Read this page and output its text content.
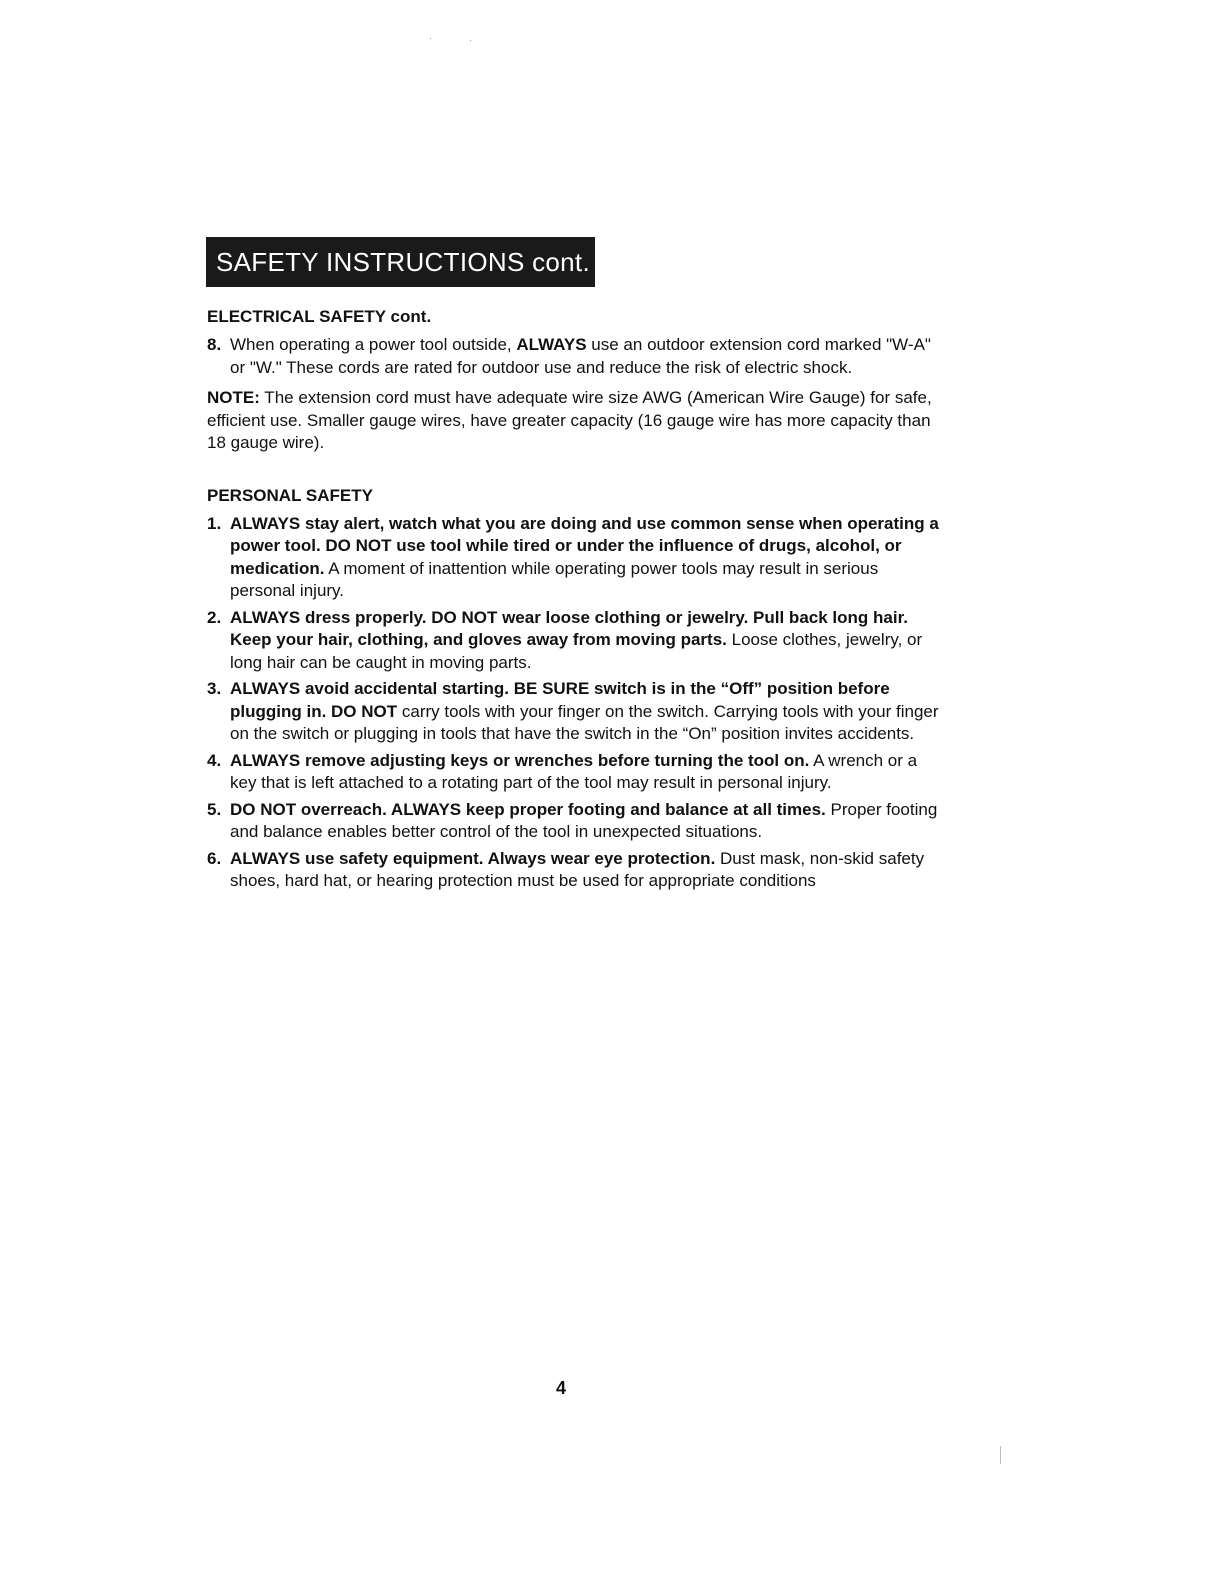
SAFETY INSTRUCTIONS cont.
ELECTRICAL SAFETY cont.
8. When operating a power tool outside, ALWAYS use an outdoor extension cord marked "W-A" or "W." These cords are rated for outdoor use and reduce the risk of electric shock.
NOTE: The extension cord must have adequate wire size AWG (American Wire Gauge) for safe, efficient use. Smaller gauge wires, have greater capacity (16 gauge wire has more capacity than 18 gauge wire).
PERSONAL SAFETY
1. ALWAYS stay alert, watch what you are doing and use common sense when operating a power tool. DO NOT use tool while tired or under the influence of drugs, alcohol, or medication. A moment of inattention while operating power tools may result in serious personal injury.
2. ALWAYS dress properly. DO NOT wear loose clothing or jewelry. Pull back long hair. Keep your hair, clothing, and gloves away from moving parts. Loose clothes, jewelry, or long hair can be caught in moving parts.
3. ALWAYS avoid accidental starting. BE SURE switch is in the “Off” position before plugging in. DO NOT carry tools with your finger on the switch. Carrying tools with your finger on the switch or plugging in tools that have the switch in the “On” position invites accidents.
4. ALWAYS remove adjusting keys or wrenches before turning the tool on. A wrench or a key that is left attached to a rotating part of the tool may result in personal injury.
5. DO NOT overreach. ALWAYS keep proper footing and balance at all times. Proper footing and balance enables better control of the tool in unexpected situations.
6. ALWAYS use safety equipment. Always wear eye protection. Dust mask, non-skid safety shoes, hard hat, or hearing protection must be used for appropriate conditions
4
